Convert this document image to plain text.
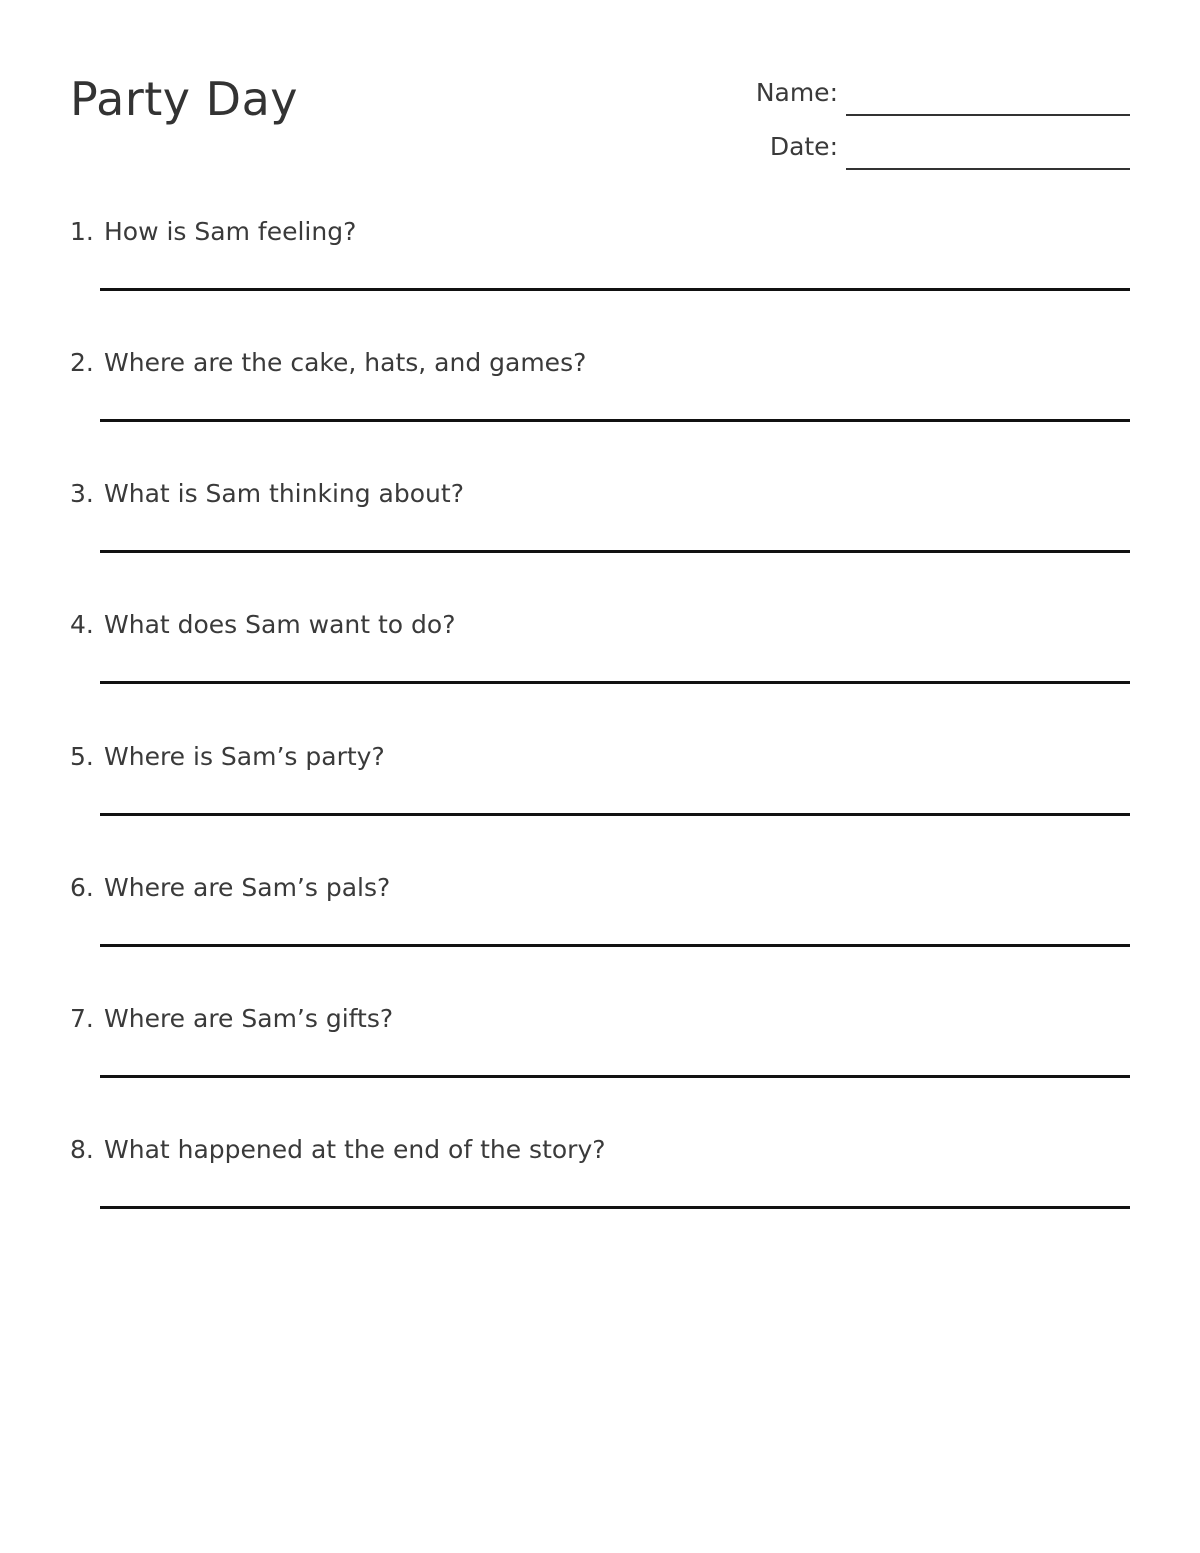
Party Day	Name:
Date:
1. How is Sam feeling?
2. Where are the cake, hats, and games?
3. What is Sam thinking about?
4. What does Sam want to do?
5. Where is Sam’s party?
6. Where are Sam’s pals?
7. Where are Sam’s gifts?
8. What happened at the end of the story?
